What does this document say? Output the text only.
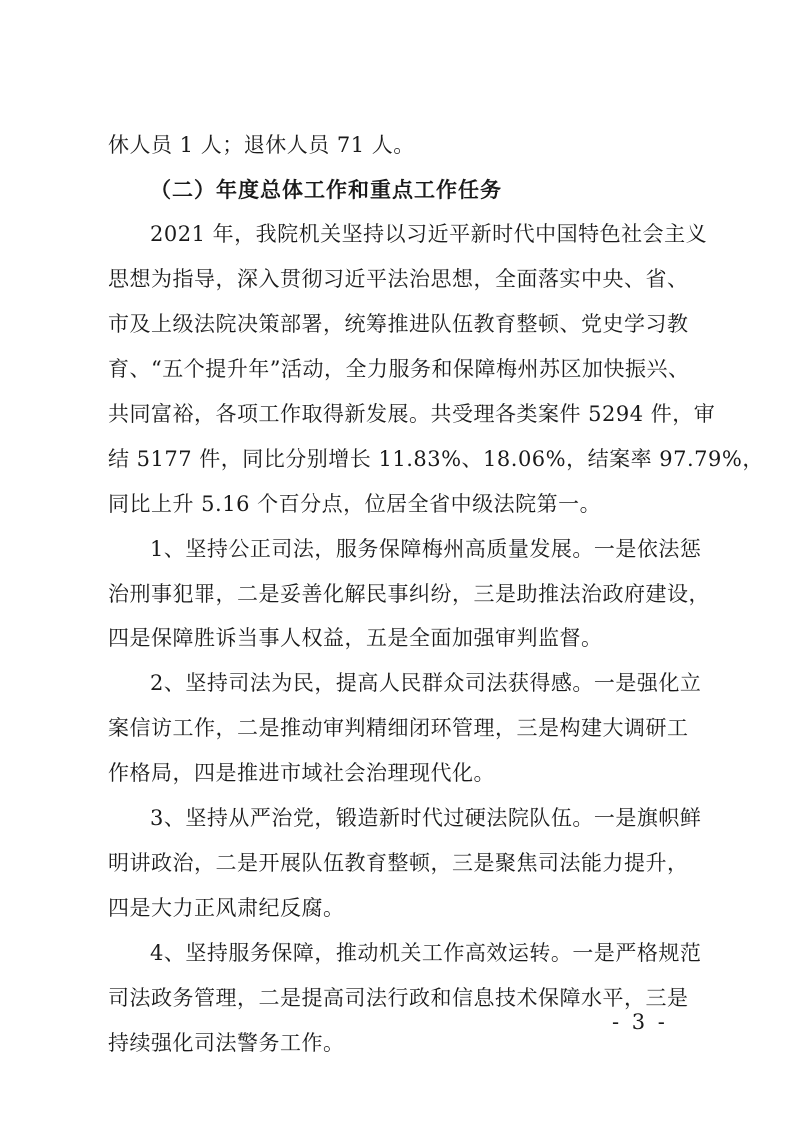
休人员 1 人；退休人员 71 人。
（二）年度总体工作和重点工作任务
2021 年，我院机关坚持以习近平新时代中国特色社会主义
思想为指导，深入贯彻习近平法治思想，全面落实中央、省、
市及上级法院决策部署，统筹推进队伍教育整顿、党史学习教
育、“五个提升年”活动，全力服务和保障梅州苏区加快振兴、
共同富裕，各项工作取得新发展。共受理各类案件 5294 件，审
结 5177 件，同比分别增长 11.83%、18.06%，结案率 97.79%，
同比上升 5.16 个百分点，位居全省中级法院第一。
1、坚持公正司法，服务保障梅州高质量发展。一是依法惩
治刑事犯罪，二是妥善化解民事纠纷，三是助推法治政府建设，
四是保障胜诉当事人权益，五是全面加强审判监督。
2、坚持司法为民，提高人民群众司法获得感。一是强化立
案信访工作，二是推动审判精细闭环管理，三是构建大调研工
作格局，四是推进市域社会治理现代化。
3、坚持从严治党，锻造新时代过硬法院队伍。一是旗帜鲜
明讲政治，二是开展队伍教育整顿，三是聚焦司法能力提升，
四是大力正风肃纪反腐。
4、坚持服务保障，推动机关工作高效运转。一是严格规范
司法政务管理，二是提高司法行政和信息技术保障水平，三是
持续强化司法警务工作。
- 3 -
